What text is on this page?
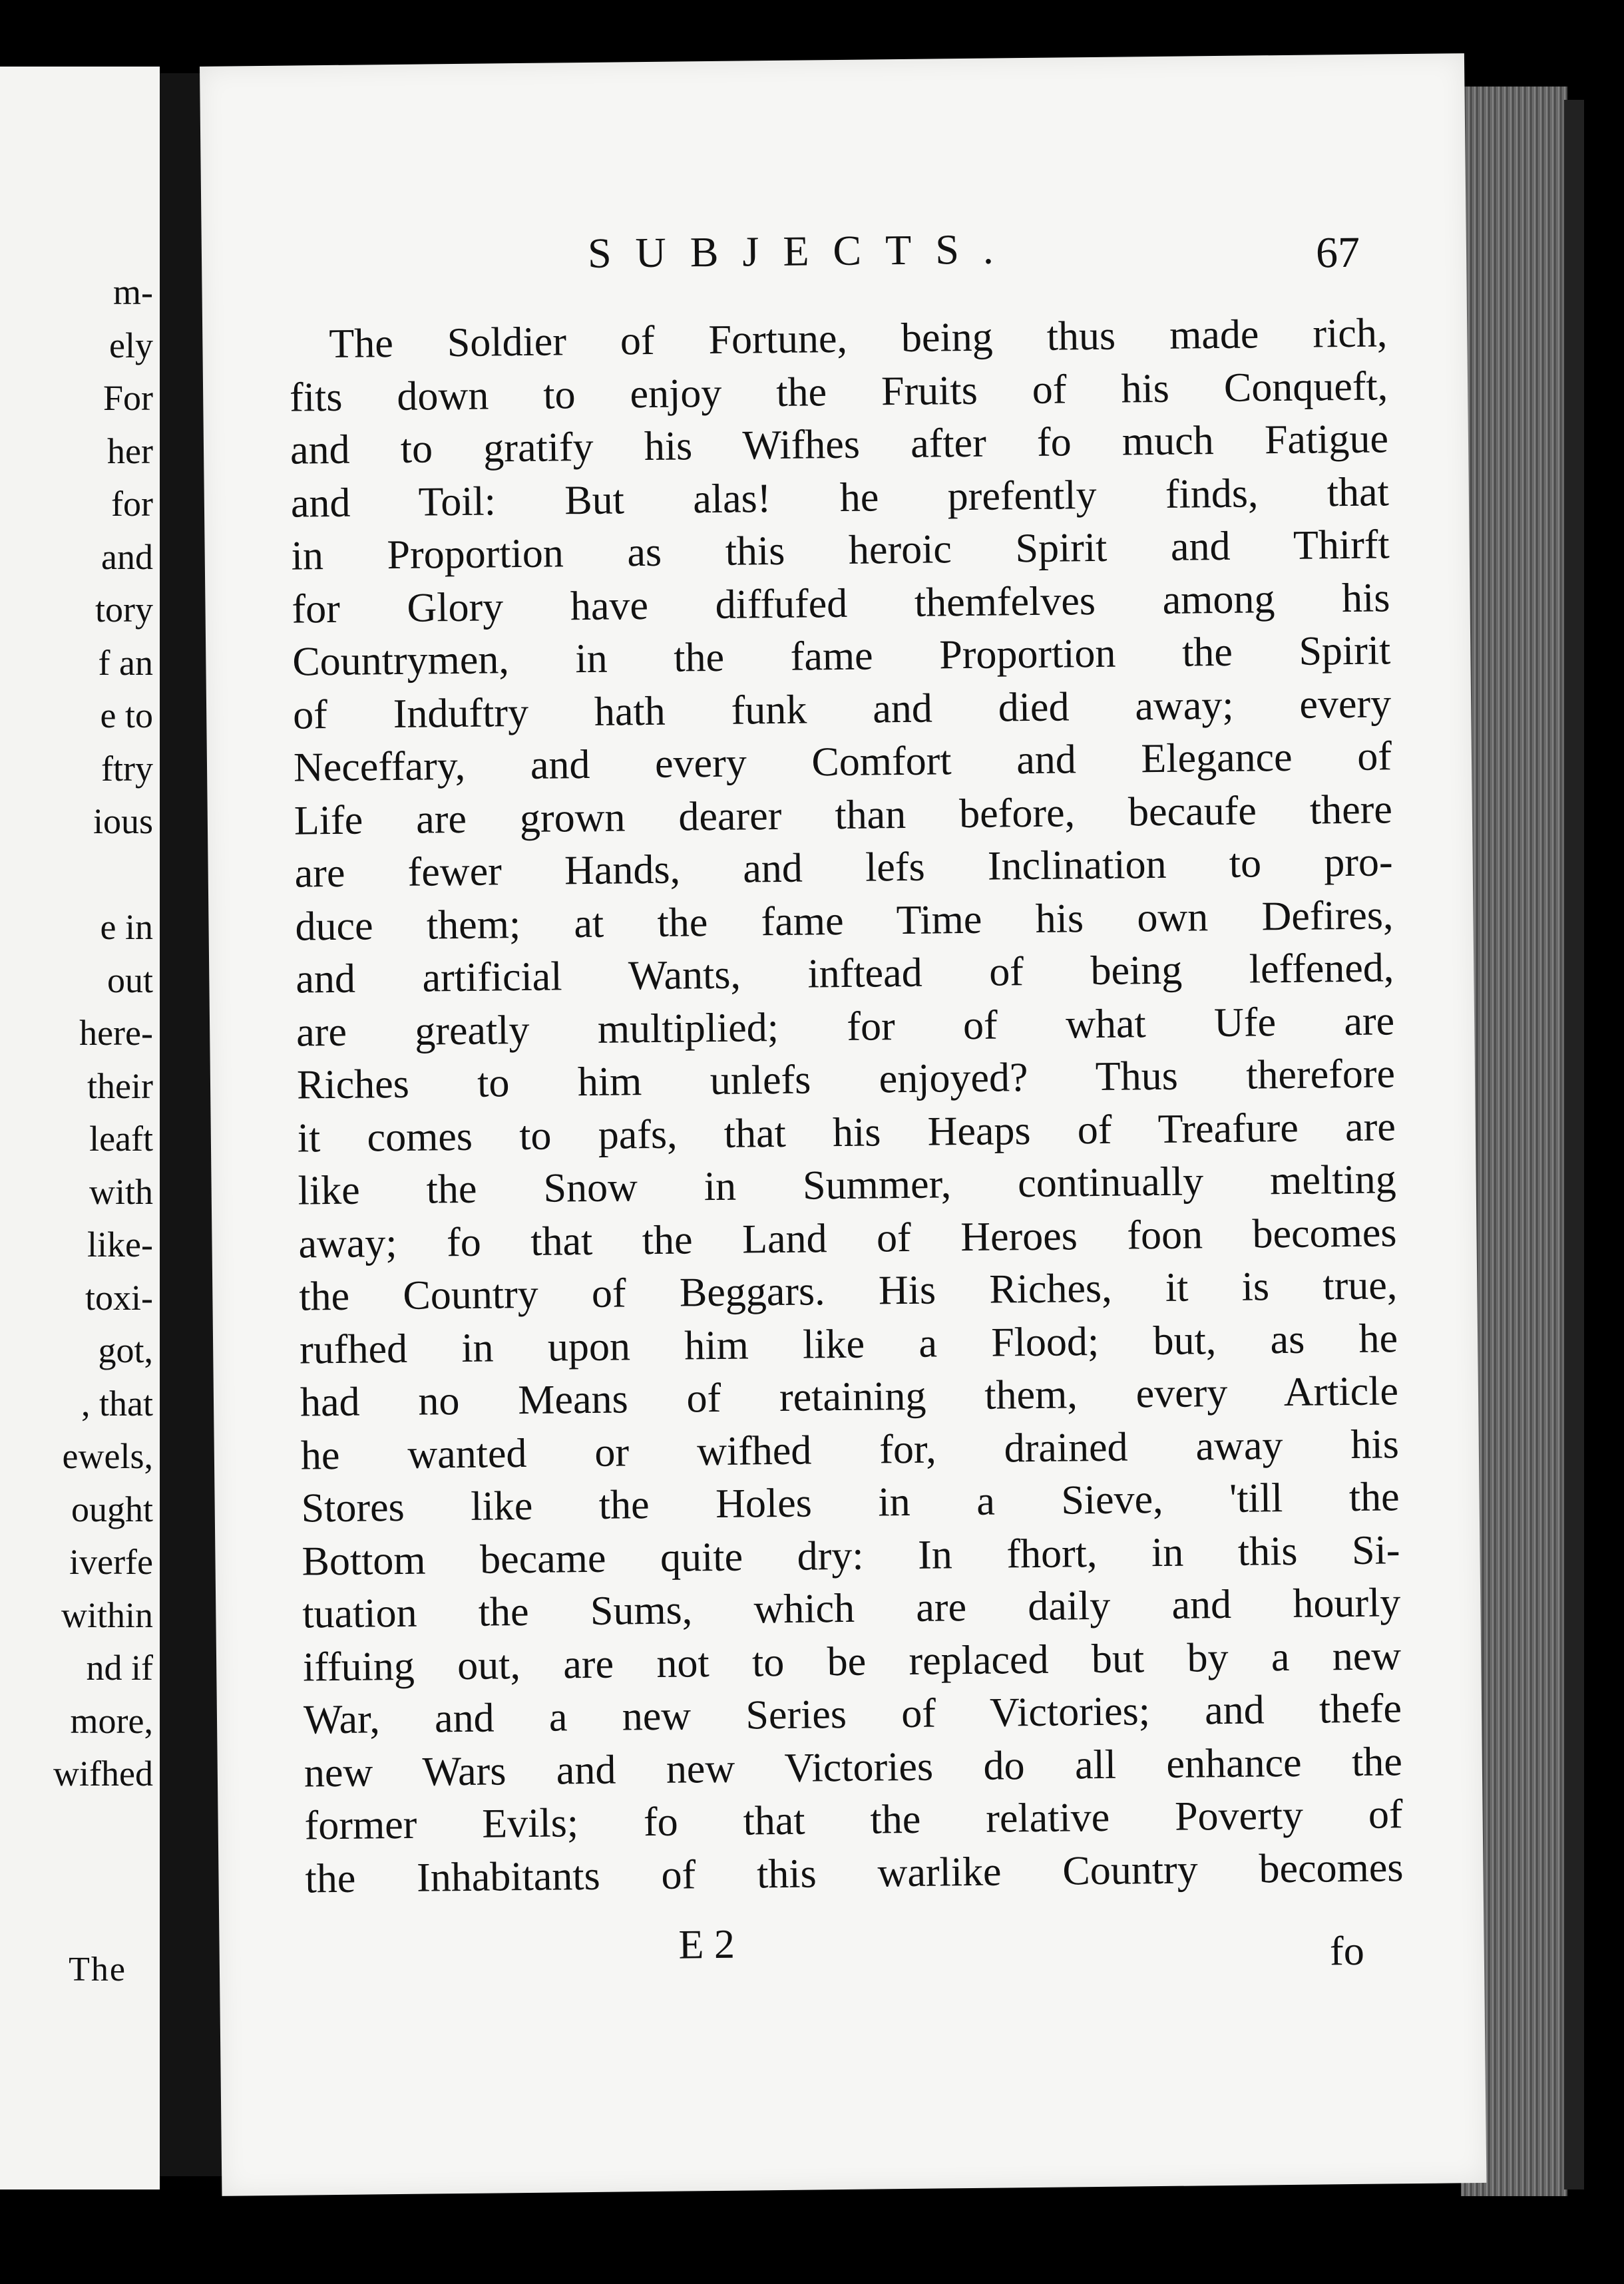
m-
ely
For
her
for
and
tory
f an
e to
ftry
ious

e in
out
here-
their
leaft
with
like-
toxi-
got,
, that
ewels,
ought
iverfe
within
nd if
more,
wifhed
The
SUBJECTS.	67
The Soldier of Fortune, being thus made rich,
fits down to enjoy the Fruits of his Conqueft,
and to gratify his Wifhes after fo much Fatigue
and Toil: But alas! he prefently finds, that
in Proportion as this heroic Spirit and Thirft
for Glory have diffufed themfelves among his
Countrymen, in the fame Proportion the Spirit
of Induftry hath funk and died away; every
Neceffary, and every Comfort and Elegance of
Life are grown dearer than before, becaufe there
are fewer Hands, and lefs Inclination to pro-
duce them; at the fame Time his own Defires,
and artificial Wants, inftead of being leffened,
are greatly multiplied; for of what Ufe are
Riches to him unlefs enjoyed? Thus therefore
it comes to pafs, that his Heaps of Treafure are
like the Snow in Summer, continually melting
away; fo that the Land of Heroes foon becomes
the Country of Beggars. His Riches, it is true,
rufhed in upon him like a Flood; but, as he
had no Means of retaining them, every Article
he wanted or wifhed for, drained away his
Stores like the Holes in a Sieve, 'till the
Bottom became quite dry: In fhort, in this Si-
tuation the Sums, which are daily and hourly
iffuing out, are not to be replaced but by a new
War, and a new Series of Victories; and thefe
new Wars and new Victories do all enhance the
former Evils; fo that the relative Poverty of
the Inhabitants of this warlike Country becomes
E 2	fo
